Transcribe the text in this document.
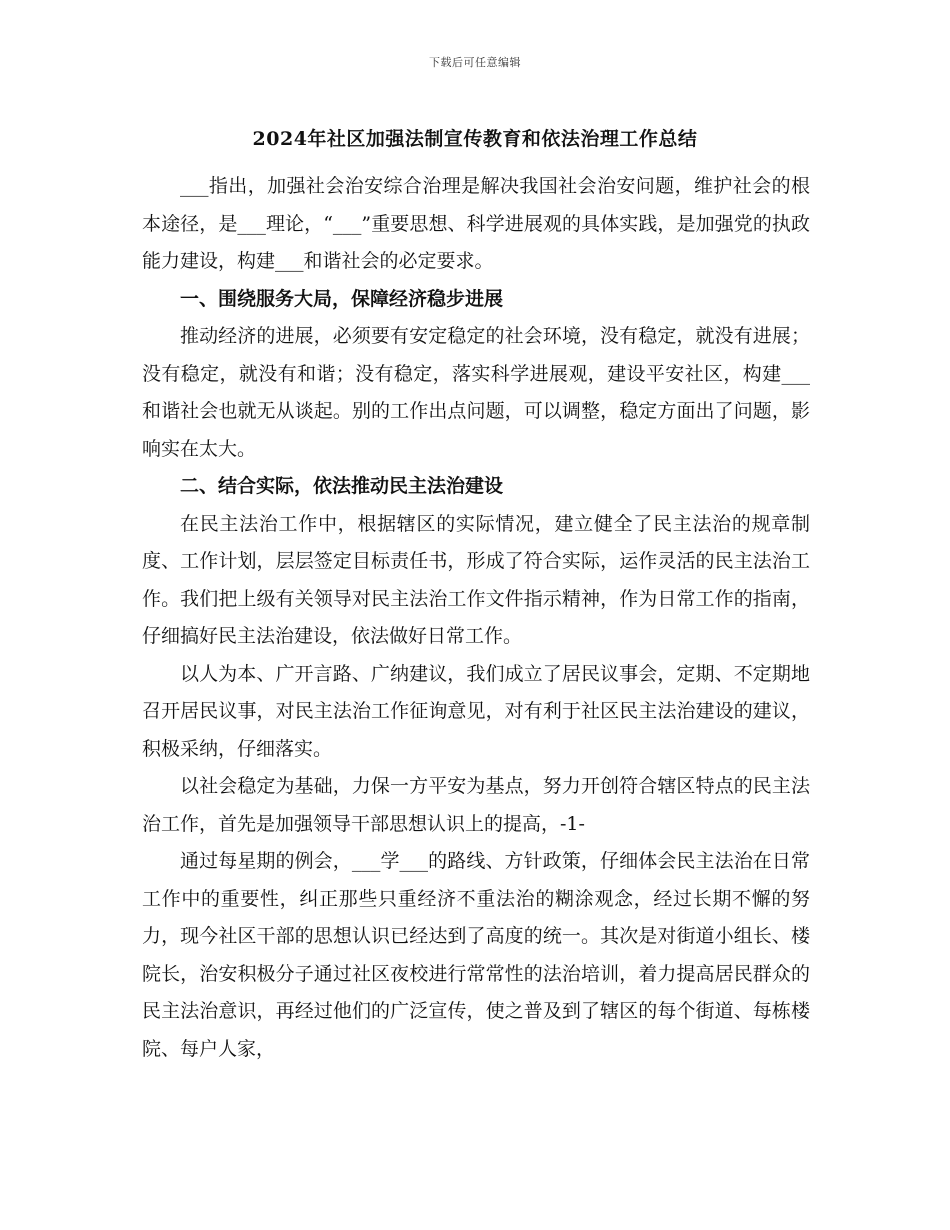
下载后可任意编辑
2024年社区加强法制宣传教育和依法治理工作总结

___指出，加强社会治安综合治理是解决我国社会治安问题，维护社会的根本途径，是___理论，“___”重要思想、科学进展观的具体实践，是加强党的执政能力建设，构建___和谐社会的必定要求。

一、围绕服务大局，保障经济稳步进展

推动经济的进展，必须要有安定稳定的社会环境，没有稳定，就没有进展；没有稳定，就没有和谐；没有稳定，落实科学进展观，建设平安社区，构建___和谐社会也就无从谈起。别的工作出点问题，可以调整，稳定方面出了问题，影响实在太大。

二、结合实际，依法推动民主法治建设

在民主法治工作中，根据辖区的实际情况，建立健全了民主法治的规章制度、工作计划，层层签定目标责任书，形成了符合实际，运作灵活的民主法治工作。我们把上级有关领导对民主法治工作文件指示精神，作为日常工作的指南，仔细搞好民主法治建设，依法做好日常工作。

以人为本、广开言路、广纳建议，我们成立了居民议事会，定期、不定期地召开居民议事，对民主法治工作征询意见，对有利于社区民主法治建设的建议，积极采纳，仔细落实。

以社会稳定为基础，力保一方平安为基点，努力开创符合辖区特点的民主法治工作，首先是加强领导干部思想认识上的提高，-1-

通过每星期的例会，___学___的路线、方针政策，仔细体会民主法治在日常工作中的重要性，纠正那些只重经济不重法治的糊涂观念，经过长期不懈的努力，现今社区干部的思想认识已经达到了高度的统一。其次是对街道小组长、楼院长，治安积极分子通过社区夜校进行常常性的法治培训，着力提高居民群众的民主法治意识，再经过他们的广泛宣传，使之普及到了辖区的每个街道、每栋楼院、每户人家，
